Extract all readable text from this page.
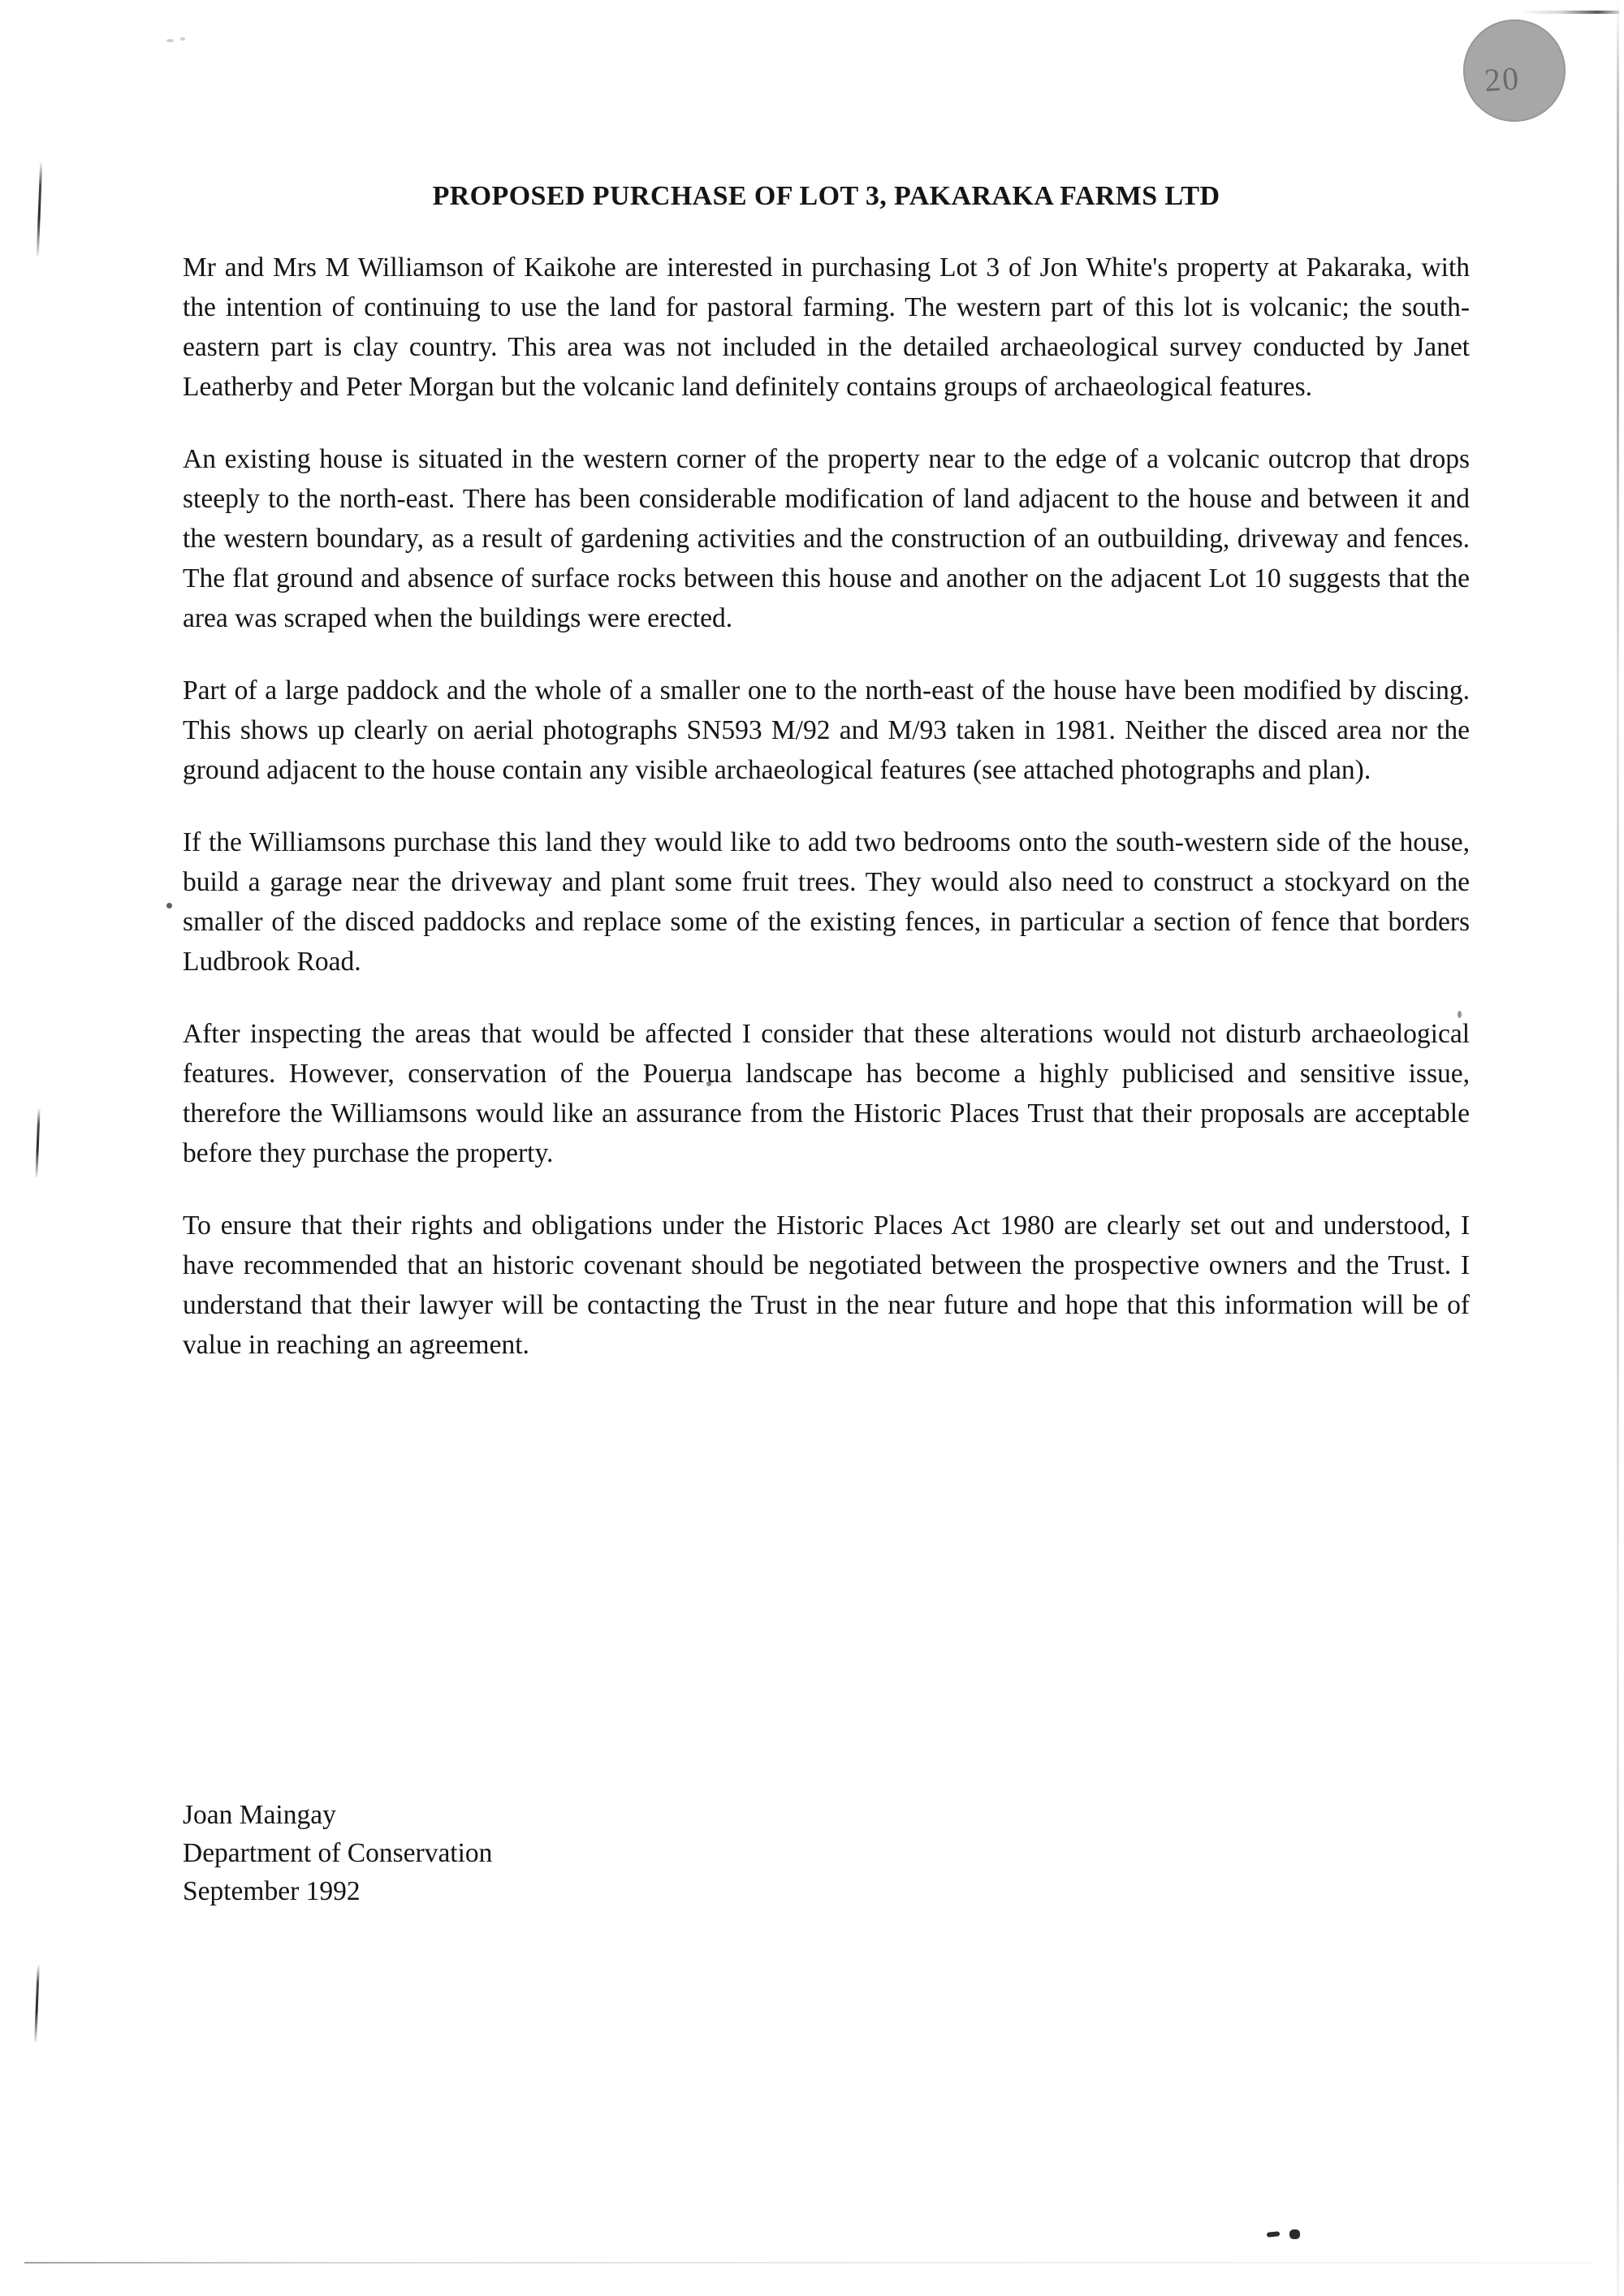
20
PROPOSED PURCHASE OF LOT 3, PAKARAKA FARMS LTD

Mr and Mrs M Williamson of Kaikohe are interested in purchasing Lot 3 of Jon White's property at Pakaraka, with the intention of continuing to use the land for pastoral farming. The western part of this lot is volcanic; the south-eastern part is clay country. This area was not included in the detailed archaeological survey conducted by Janet Leatherby and Peter Morgan but the volcanic land definitely contains groups of archaeological features.

An existing house is situated in the western corner of the property near to the edge of a volcanic outcrop that drops steeply to the north-east. There has been considerable modification of land adjacent to the house and between it and the western boundary, as a result of gardening activities and the construction of an outbuilding, driveway and fences. The flat ground and absence of surface rocks between this house and another on the adjacent Lot 10 suggests that the area was scraped when the buildings were erected.

Part of a large paddock and the whole of a smaller one to the north-east of the house have been modified by discing. This shows up clearly on aerial photographs SN593 M/92 and M/93 taken in 1981. Neither the disced area nor the ground adjacent to the house contain any visible archaeological features (see attached photographs and plan).

If the Williamsons purchase this land they would like to add two bedrooms onto the south-western side of the house, build a garage near the driveway and plant some fruit trees. They would also need to construct a stockyard on the smaller of the disced paddocks and replace some of the existing fences, in particular a section of fence that borders Ludbrook Road.

After inspecting the areas that would be affected I consider that these alterations would not disturb archaeological features. However, conservation of the Pouerua landscape has become a highly publicised and sensitive issue, therefore the Williamsons would like an assurance from the Historic Places Trust that their proposals are acceptable before they purchase the property.

To ensure that their rights and obligations under the Historic Places Act 1980 are clearly set out and understood, I have recommended that an historic covenant should be negotiated between the prospective owners and the Trust. I understand that their lawyer will be contacting the Trust in the near future and hope that this information will be of value in reaching an agreement.

Joan Maingay
Department of Conservation
September 1992
